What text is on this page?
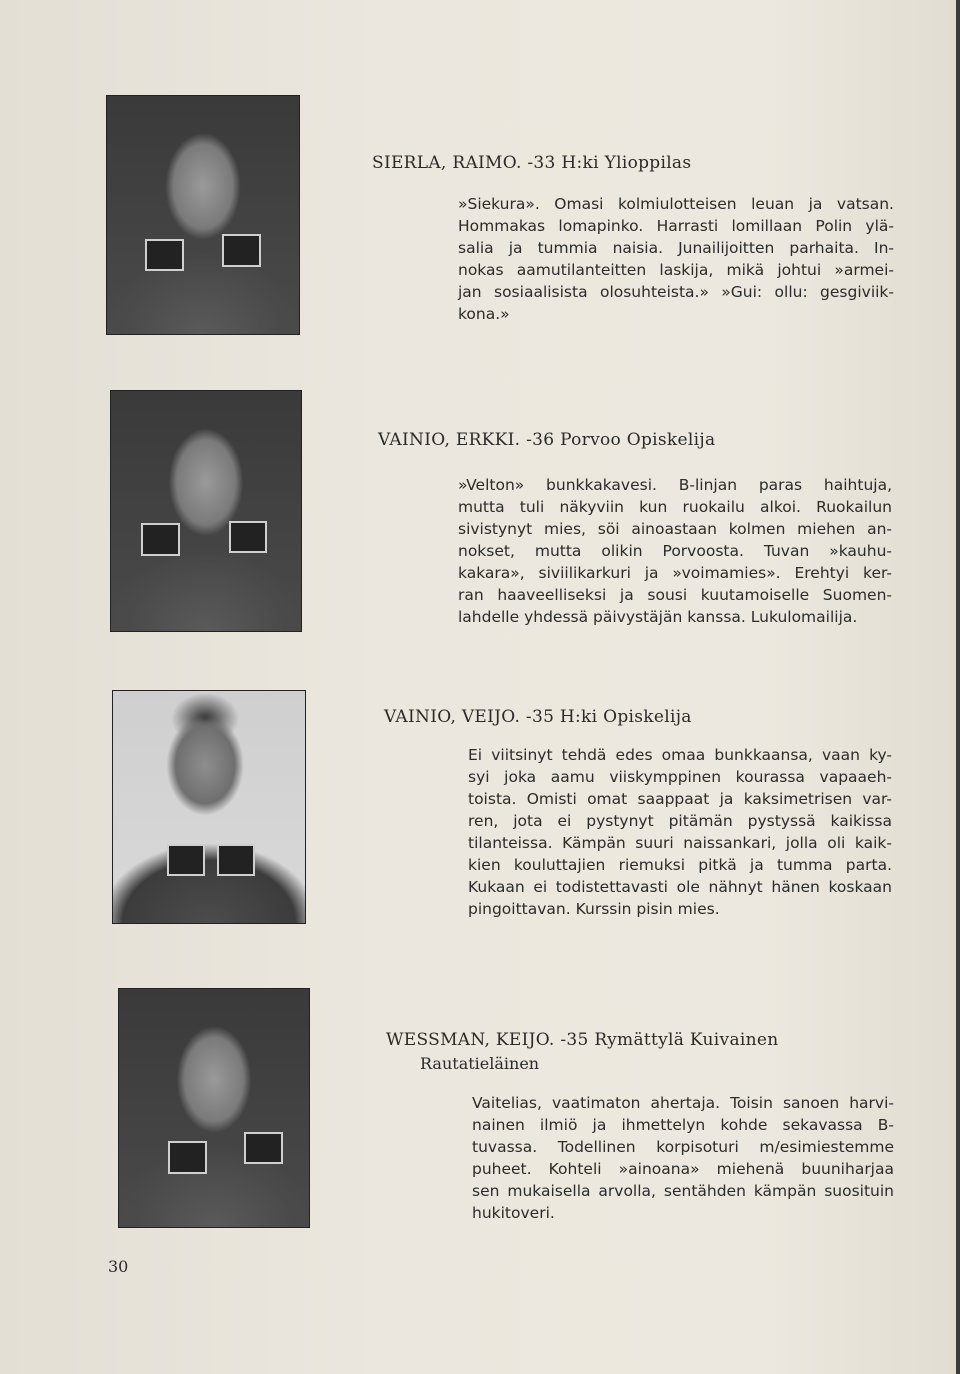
SIERLA, RAIMO. -33 H:ki Ylioppilas
»Siekura». Omasi kolmiulotteisen leuan ja vatsan.
Hommakas lomapinko. Harrasti lomillaan Polin ylä-
salia ja tummia naisia. Junailijoitten parhaita. In-
nokas aamutilanteitten laskija, mikä johtui »armei-
jan sosiaalisista olosuhteista.» »Gui: ollu: gesgiviik-
kona.»
VAINIO, ERKKI. -36 Porvoo Opiskelija
»Velton» bunkkakavesi. B-linjan paras haihtuja,
mutta tuli näkyviin kun ruokailu alkoi. Ruokailun
sivistynyt mies, söi ainoastaan kolmen miehen an-
nokset, mutta olikin Porvoosta. Tuvan »kauhu-
kakara», siviilikarkuri ja »voimamies». Erehtyi ker-
ran haaveelliseksi ja sousi kuutamoiselle Suomen-
lahdelle yhdessä päivystäjän kanssa. Lukulomailija.
VAINIO, VEIJO. -35 H:ki Opiskelija
Ei viitsinyt tehdä edes omaa bunkkaansa, vaan ky-
syi joka aamu viiskymppinen kourassa vapaaeh-
toista. Omisti omat saappaat ja kaksimetrisen var-
ren, jota ei pystynyt pitämän pystyssä kaikissa
tilanteissa. Kämpän suuri naissankari, jolla oli kaik-
kien kouluttajien riemuksi pitkä ja tumma parta.
Kukaan ei todistettavasti ole nähnyt hänen koskaan
pingoittavan. Kurssin pisin mies.
WESSMAN, KEIJO. -35 Rymättylä Kuivainen
Rautatieläinen
Vaitelias, vaatimaton ahertaja. Toisin sanoen harvi-
nainen ilmiö ja ihmettelyn kohde sekavassa B-
tuvassa. Todellinen korpisoturi m/esimiestemme
puheet. Kohteli »ainoana» miehenä buuniharjaa
sen mukaisella arvolla, sentähden kämpän suosituin
hukitoveri.
30
